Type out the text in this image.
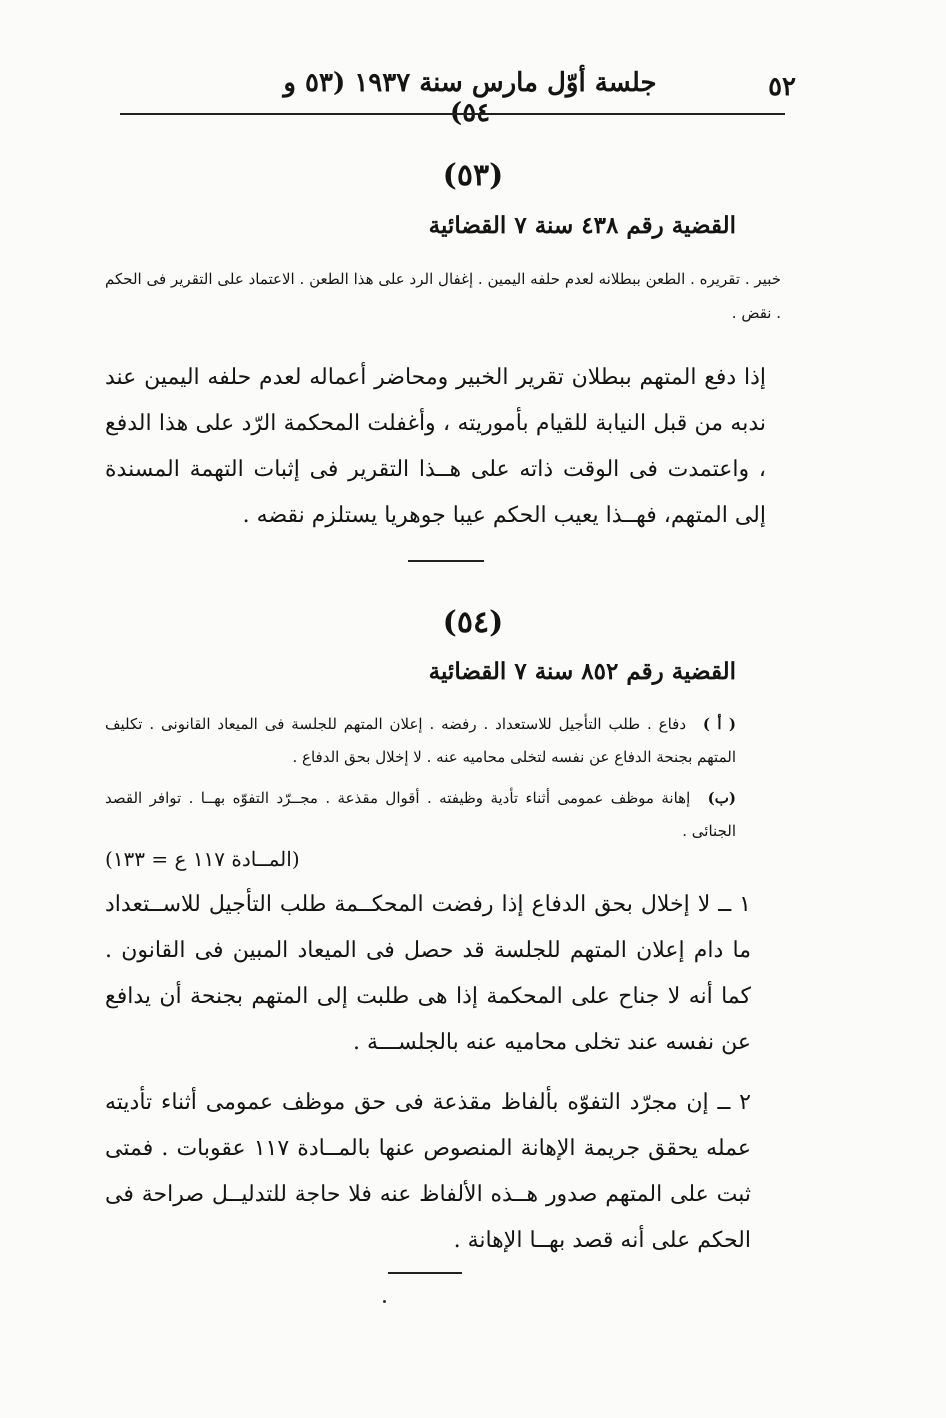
٥٢
جلسة أوّل مارس سنة ١٩٣٧ (٥٣ و ٥٤)
(٥٣)
القضية رقم ٤٣٨ سنة ٧ القضائية
خبير . تقريره . الطعن ببطلانه لعدم حلفه اليمين . إغفال الرد على هذا الطعن . الاعتماد على التقرير فى الحكم . نقض .
إذا دفع المتهم ببطلان تقرير الخبير ومحاضر أعماله لعدم حلفه اليمين عند ندبه من قبل النيابة للقيام بأموريته ، وأغفلت المحكمة الرّد على هذا الدفع ، واعتمدت فى الوقت ذاته على هــذا التقرير فى إثبات التهمة المسندة إلى المتهم، فهــذا يعيب الحكم عيبا جوهريا يستلزم نقضه .
(٥٤)
القضية رقم ٨٥٢ سنة ٧ القضائية
( أ ) دفاع . طلب التأجيل للاستعداد . رفضه . إعلان المتهم للجلسة فى الميعاد القانونى . تكليف المتهم بجنحة الدفاع عن نفسه لتخلى محاميه عنه . لا إخلال بحق الدفاع .
(ب) إهانة موظف عمومى أثناء تأدية وظيفته . أقوال مقذعة . مجــرّد التفوّه بهــا . توافر القصد الجنائى .
(المــادة ١١٧ ع = ١٣٣)
١ ــ لا إخلال بحق الدفاع إذا رفضت المحكــمة طلب التأجيل للاســتعداد ما دام إعلان المتهم للجلسة قد حصل فى الميعاد المبين فى القانون . كما أنه لا جناح على المحكمة إذا هى طلبت إلى المتهم بجنحة أن يدافع عن نفسه عند تخلى محاميه عنه بالجلســـة .
٢ ــ إن مجرّد التفوّه بألفاظ مقذعة فى حق موظف عمومى أثناء تأديته عمله يحقق جريمة الإهانة المنصوص عنها بالمــادة ١١٧ عقوبات . فمتى ثبت على المتهم صدور هــذه الألفاظ عنه فلا حاجة للتدليــل صراحة فى الحكم على أنه قصد بهــا الإهانة .
